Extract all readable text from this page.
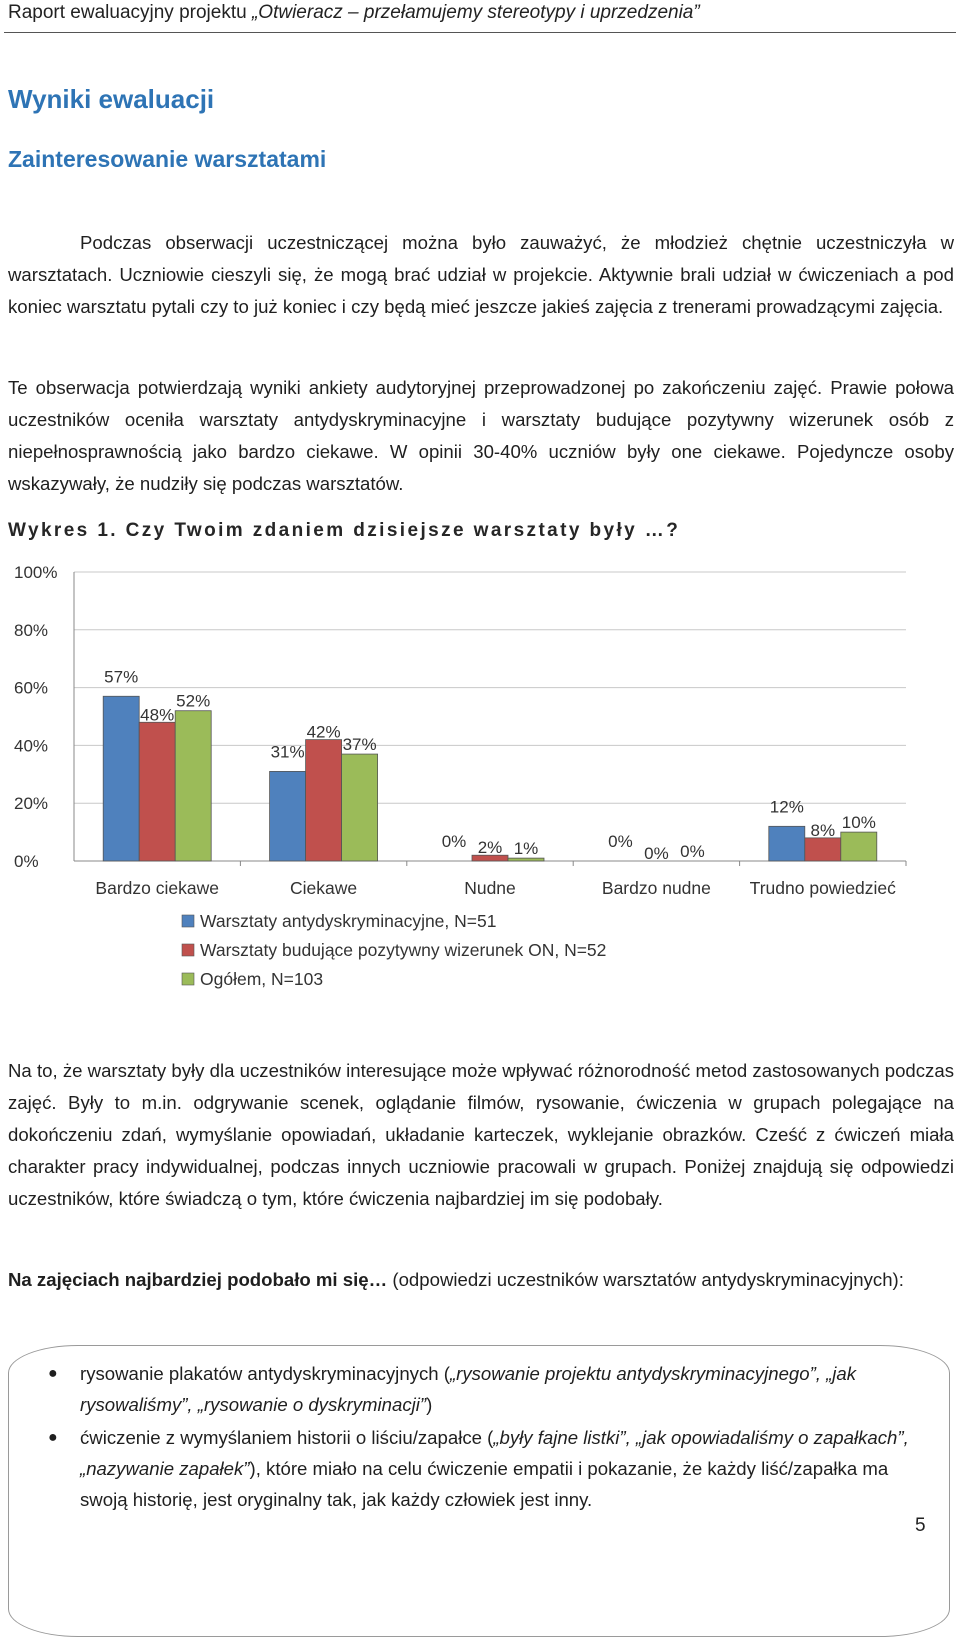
Raport ewaluacyjny projektu „Otwieracz – przełamujemy stereotypy i uprzedzenia”
Wyniki ewaluacji
Zainteresowanie warsztatami
Podczas obserwacji uczestniczącej można było zauważyć, że młodzież chętnie uczestniczyła w warsztatach. Uczniowie cieszyli się, że mogą brać udział w projekcie. Aktywnie brali udział w ćwiczeniach a pod koniec warsztatu pytali czy to już koniec i czy będą mieć jeszcze jakieś zajęcia z trenerami prowadzącymi zajęcia.
Te obserwacja potwierdzają wyniki ankiety audytoryjnej przeprowadzonej po zakończeniu zajęć. Prawie połowa uczestników oceniła warsztaty antydyskryminacyjne i warsztaty budujące pozytywny wizerunek osób z niepełnosprawnością jako bardzo ciekawe. W opinii 30-40% uczniów były one ciekawe. Pojedyncze osoby wskazywały, że nudziły się podczas warsztatów.
Wykres 1. Czy Twoim zdaniem dzisiejsze warsztaty były …?
0%
20%
40%
60%
80%
100%
57%
48%
52%
31%
42%
37%
0% 2% 1%	0%
0% 0%
12%
8% 10%
Bardzo ciekawe	Ciekawe	Nudne	Bardzo nudne Trudno powiedzieć
Warsztaty antydyskryminacyjne, N=51
Warsztaty budujące pozytywny wizerunek ON, N=52
Ogółem, N=103
Na to, że warsztaty były dla uczestników interesujące może wpływać różnorodność metod zastosowanych podczas zajęć. Były to m.in. odgrywanie scenek, oglądanie filmów, rysowanie, ćwiczenia w grupach polegające na dokończeniu zdań, wymyślanie opowiadań, układanie karteczek, wyklejanie obrazków. Cześć z ćwiczeń miała charakter pracy indywidualnej, podczas innych uczniowie pracowali w grupach. Poniżej znajdują się odpowiedzi uczestników, które świadczą o tym, które ćwiczenia najbardziej im się podobały.
Na zajęciach najbardziej podobało mi się… (odpowiedzi uczestników warsztatów antydyskryminacyjnych):
● rysowanie plakatów antydyskryminacyjnych („rysowanie projektu antydyskryminacyjnego”, „jak rysowaliśmy”, „rysowanie o dyskryminacji”)
● ćwiczenie z wymyślaniem historii o liściu/zapałce („były fajne listki”, „jak opowiadaliśmy o zapałkach”, „nazywanie zapałek”), które miało na celu ćwiczenie empatii i pokazanie, że każdy liść/zapałka ma swoją historię, jest oryginalny tak, jak każdy człowiek jest inny.
5
